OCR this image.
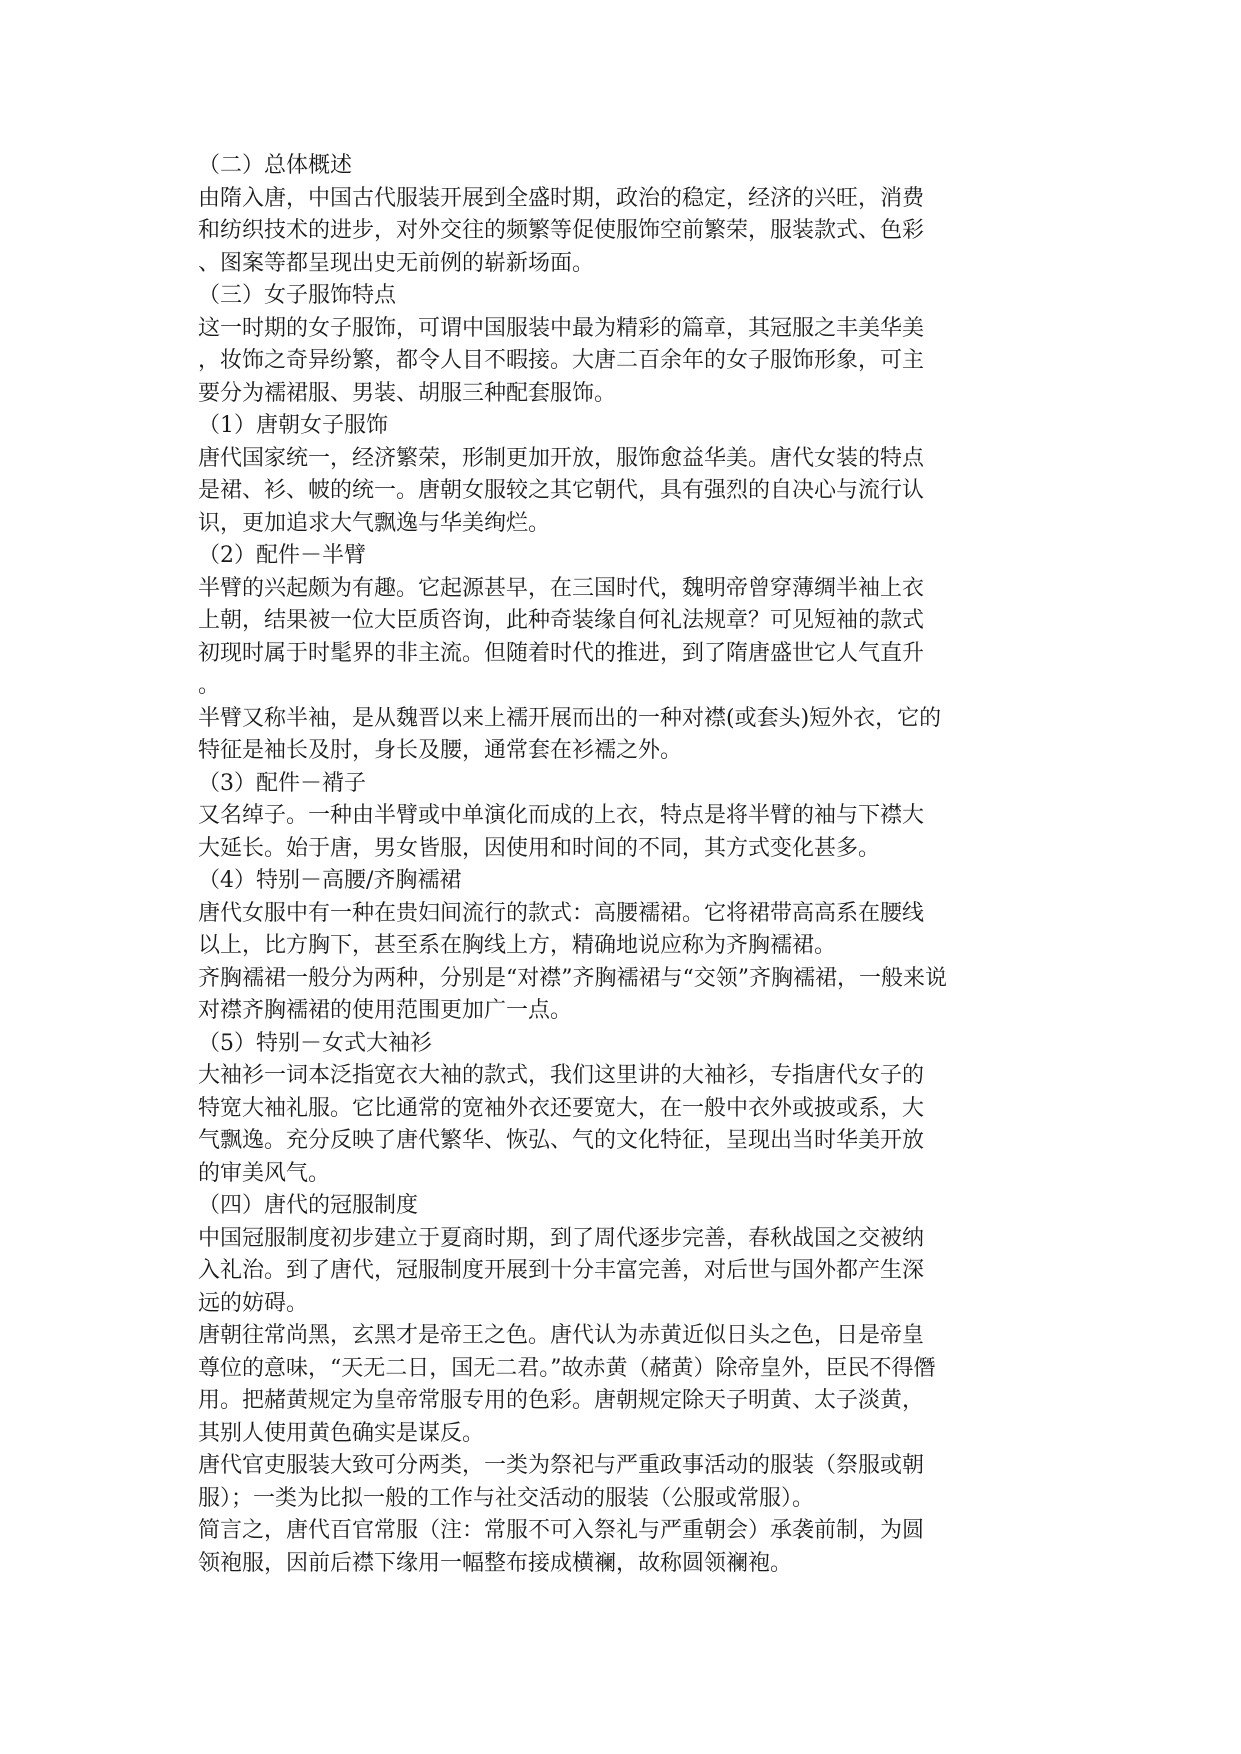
（二）总体概述
由隋入唐，中国古代服装开展到全盛时期，政治的稳定，经济的兴旺，消费
和纺织技术的进步，对外交往的频繁等促使服饰空前繁荣，服装款式、色彩
、图案等都呈现出史无前例的崭新场面。
（三）女子服饰特点
这一时期的女子服饰，可谓中国服装中最为精彩的篇章，其冠服之丰美华美
，妆饰之奇异纷繁，都令人目不暇接。大唐二百余年的女子服饰形象，可主
要分为襦裙服、男装、胡服三种配套服饰。
（1）唐朝女子服饰
唐代国家统一，经济繁荣，形制更加开放，服饰愈益华美。唐代女装的特点
是裙、衫、帔的统一。唐朝女服较之其它朝代，具有强烈的自决心与流行认
识，更加追求大气飘逸与华美绚烂。
（2）配件－半臂
半臂的兴起颇为有趣。它起源甚早，在三国时代，魏明帝曾穿薄绸半袖上衣
上朝，结果被一位大臣质咨询，此种奇装缘自何礼法规章？可见短袖的款式
初现时属于时髦界的非主流。但随着时代的推进，到了隋唐盛世它人气直升
。
半臂又称半袖，是从魏晋以来上襦开展而出的一种对襟(或套头)短外衣，它的
特征是袖长及肘，身长及腰，通常套在衫襦之外。
（3）配件－褙子
又名绰子。一种由半臂或中单演化而成的上衣，特点是将半臂的袖与下襟大
大延长。始于唐，男女皆服，因使用和时间的不同，其方式变化甚多。
（4）特别－高腰/齐胸襦裙
唐代女服中有一种在贵妇间流行的款式：高腰襦裙。它将裙带高高系在腰线
以上，比方胸下，甚至系在胸线上方，精确地说应称为齐胸襦裙。
齐胸襦裙一般分为两种，分别是“对襟”齐胸襦裙与“交领”齐胸襦裙，一般来说
对襟齐胸襦裙的使用范围更加广一点。
（5）特别－女式大袖衫
大袖衫一词本泛指宽衣大袖的款式，我们这里讲的大袖衫，专指唐代女子的
特宽大袖礼服。它比通常的宽袖外衣还要宽大，在一般中衣外或披或系，大
气飘逸。充分反映了唐代繁华、恢弘、气的文化特征，呈现出当时华美开放
的审美风气。
（四）唐代的冠服制度
中国冠服制度初步建立于夏商时期，到了周代逐步完善，春秋战国之交被纳
入礼治。到了唐代，冠服制度开展到十分丰富完善，对后世与国外都产生深
远的妨碍。
唐朝往常尚黑，玄黑才是帝王之色。唐代认为赤黄近似日头之色，日是帝皇
尊位的意味，“天无二日，国无二君。”故赤黄（赭黄）除帝皇外，臣民不得僭
用。把赭黄规定为皇帝常服专用的色彩。唐朝规定除天子明黄、太子淡黄，
其别人使用黄色确实是谋反。
唐代官吏服装大致可分两类，一类为祭祀与严重政事活动的服装（祭服或朝
服）；一类为比拟一般的工作与社交活动的服装（公服或常服）。
简言之，唐代百官常服（注：常服不可入祭礼与严重朝会）承袭前制，为圆
领袍服，因前后襟下缘用一幅整布接成横襕，故称圆领襕袍。
